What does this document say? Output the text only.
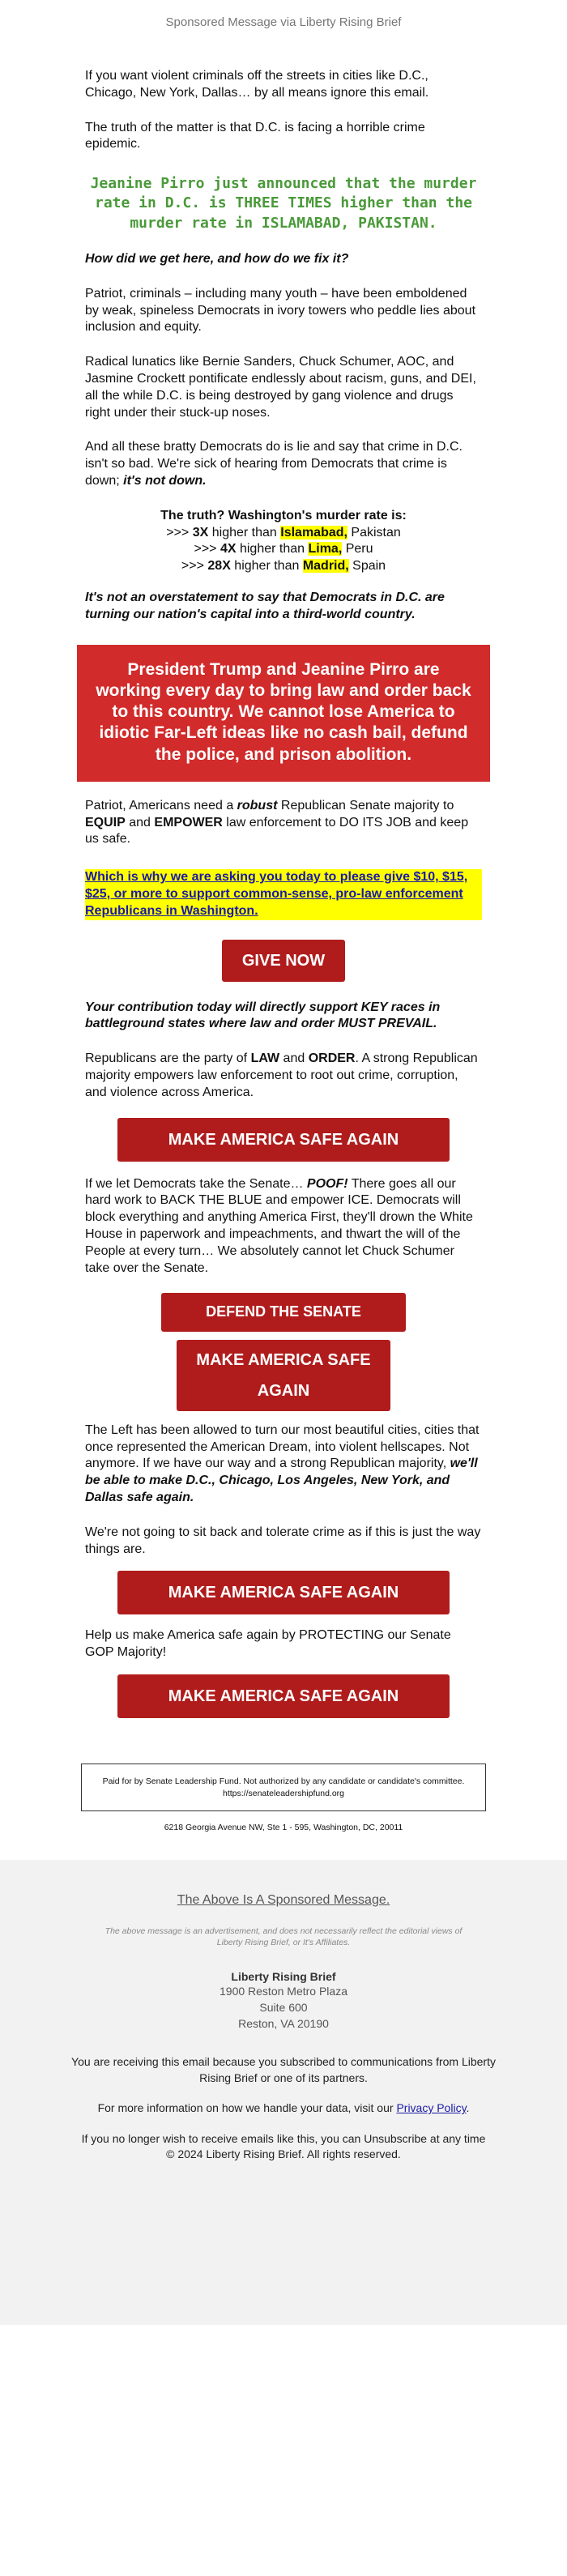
Sponsored Message via Liberty Rising Brief

If you want violent criminals off the streets in cities like D.C., Chicago, New York, Dallas… by all means ignore this email.

The truth of the matter is that D.C. is facing a horrible crime epidemic.

Jeanine Pirro just announced that the murder rate in D.C. is THREE TIMES higher than the murder rate in ISLAMABAD, PAKISTAN.

How did we get here, and how do we fix it?

Patriot, criminals – including many youth – have been emboldened by weak, spineless Democrats in ivory towers who peddle lies about inclusion and equity.

Radical lunatics like Bernie Sanders, Chuck Schumer, AOC, and Jasmine Crockett pontificate endlessly about racism, guns, and DEI, all the while D.C. is being destroyed by gang violence and drugs right under their stuck-up noses.

And all these bratty Democrats do is lie and say that crime in D.C. isn't so bad. We're sick of hearing from Democrats that crime is down; it's not down.

The truth? Washington's murder rate is:
>>> 3X higher than Islamabad, Pakistan
>>> 4X higher than Lima, Peru
>>> 28X higher than Madrid, Spain

It's not an overstatement to say that Democrats in D.C. are turning our nation's capital into a third-world country.

President Trump and Jeanine Pirro are working every day to bring law and order back to this country. We cannot lose America to idiotic Far-Left ideas like no cash bail, defund the police, and prison abolition.

Patriot, Americans need a robust Republican Senate majority to EQUIP and EMPOWER law enforcement to DO ITS JOB and keep us safe.

Which is why we are asking you today to please give $10, $15, $25, or more to support common-sense, pro-law enforcement Republicans in Washington.

GIVE NOW

Your contribution today will directly support KEY races in battleground states where law and order MUST PREVAIL.

Republicans are the party of LAW and ORDER. A strong Republican majority empowers law enforcement to root out crime, corruption, and violence across America.

MAKE AMERICA SAFE AGAIN

If we let Democrats take the Senate… POOF! There goes all our hard work to BACK THE BLUE and empower ICE. Democrats will block everything and anything America First, they'll drown the White House in paperwork and impeachments, and thwart the will of the People at every turn… We absolutely cannot let Chuck Schumer take over the Senate.

DEFEND THE SENATE
MAKE AMERICA SAFE AGAIN

The Left has been allowed to turn our most beautiful cities, cities that once represented the American Dream, into violent hellscapes. Not anymore. If we have our way and a strong Republican majority, we'll be able to make D.C., Chicago, Los Angeles, New York, and Dallas safe again.

We're not going to sit back and tolerate crime as if this is just the way things are.

MAKE AMERICA SAFE AGAIN

Help us make America safe again by PROTECTING our Senate GOP Majority!

MAKE AMERICA SAFE AGAIN
Paid for by Senate Leadership Fund. Not authorized by any candidate or candidate's committee.
https://senateleadershipfund.org
6218 Georgia Avenue NW, Ste 1 - 595, Washington, DC, 20011
The Above Is A Sponsored Message.
The above message is an advertisement, and does not necessarily reflect the editorial views of Liberty Rising Brief, or It's Affiliates.
Liberty Rising Brief
1900 Reston Metro Plaza
Suite 600
Reston, VA 20190
You are receiving this email because you subscribed to communications from Liberty Rising Brief or one of its partners.
For more information on how we handle your data, visit our Privacy Policy.
If you no longer wish to receive emails like this, you can Unsubscribe at any time
© 2024 Liberty Rising Brief. All rights reserved.
